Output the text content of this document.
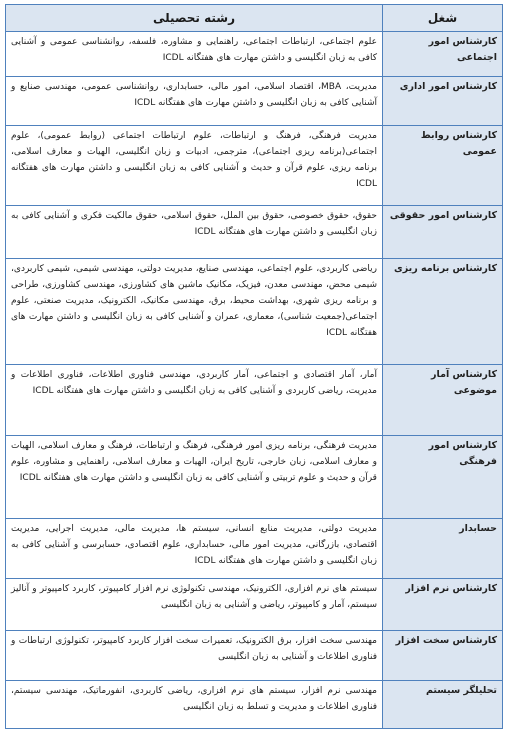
شغل	رشته تحصیلی
کارشناس امور اجتماعی	علوم اجتماعی، ارتباطات اجتماعی، راهنمایی و مشاوره، فلسفه، روانشناسی عمومی و آشنایی کافی به زبان انگلیسی و داشتن مهارت های هفتگانه ICDL
کارشناس امور اداری	مدیریت، MBA، اقتصاد اسلامی، امور مالی، حسابداری، روانشناسی عمومی، مهندسی صنایع و آشنایی کافی به زبان انگلیسی و داشتن مهارت های هفتگانه ICDL
کارشناس روابط عمومی	مدیریت فرهنگی، فرهنگ و ارتباطات، علوم ارتباطات اجتماعی (روابط عمومی)، علوم اجتماعی(برنامه ریزی اجتماعی)، مترجمی، ادبیات و زبان انگلیسی، الهیات و معارف اسلامی، برنامه ریزی، علوم قرآن و حدیث و آشنایی کافی به زبان انگلیسی و داشتن مهارت های هفتگانه ICDL
کارشناس امور حقوقی	حقوق، حقوق خصوصی، حقوق بین الملل، حقوق اسلامی، حقوق مالکیت فکری و آشنایی کافی به زبان انگلیسی و داشتن مهارت های هفتگانه ICDL
کارشناس برنامه ریزی	ریاضی کاربردی، علوم اجتماعی، مهندسی صنایع، مدیریت دولتی، مهندسی شیمی، شیمی کاربردی، شیمی محض، مهندسی معدن، فیزیک، مکانیک ماشین های کشاورزی، مهندسی کشاورزی، طراحی و برنامه ریزی شهری، بهداشت محیط، برق، مهندسی مکانیک، الکترونیک، مدیریت صنعتی، علوم اجتماعی(جمعیت شناسی)، معماری، عمران و آشنایی کافی به زبان انگلیسی و داشتن مهارت های هفتگانه ICDL
کارشناس آمار موضوعی	آمار، آمار اقتصادی و اجتماعی، آمار کاربردی، مهندسی فناوری اطلاعات، فناوری اطلاعات و مدیریت، ریاضی کاربردی و آشنایی کافی به زبان انگلیسی و داشتن مهارت های هفتگانه ICDL
کارشناس امور فرهنگی	مدیریت فرهنگی، برنامه ریزی امور فرهنگی، فرهنگ و ارتباطات، فرهنگ و معارف اسلامی، الهیات و معارف اسلامی، زبان خارجی، تاریخ ایران، الهیات و معارف اسلامی، راهنمایی و مشاوره، علوم قرآن و حدیث و علوم تربیتی و آشنایی کافی به زبان انگلیسی و داشتن مهارت های هفتگانه ICDL
حسابدار	مدیریت دولتی، مدیریت منابع انسانی، سیستم ها، مدیریت مالی، مدیریت اجرایی، مدیریت اقتصادی، بازرگانی، مدیریت امور مالی، حسابداری، علوم اقتصادی، حسابرسی و آشنایی کافی به زبان انگلیسی و داشتن مهارت های هفتگانه ICDL
کارشناس نرم افزار	سیستم های نرم افزاری، الکترونیک، مهندسی تکنولوژی نرم افزار کامپیوتر، کاربرد کامپیوتر و آنالیز سیستم، آمار و کامپیوتر، ریاضی و آشنایی به زبان انگلیسی
کارشناس سخت افزار	مهندسی سخت افزار، برق الکترونیک، تعمیرات سخت افزار کاربرد کامپیوتر، تکنولوژی ارتباطات و فناوری اطلاعات و آشنایی به زبان انگلیسی
تحلیلگر سیستم	مهندسی نرم افزار، سیستم های نرم افزاری، ریاضی کاربردی، انفورماتیک، مهندسی سیستم، فناوری اطلاعات و مدیریت و تسلط به زبان انگلیسی
